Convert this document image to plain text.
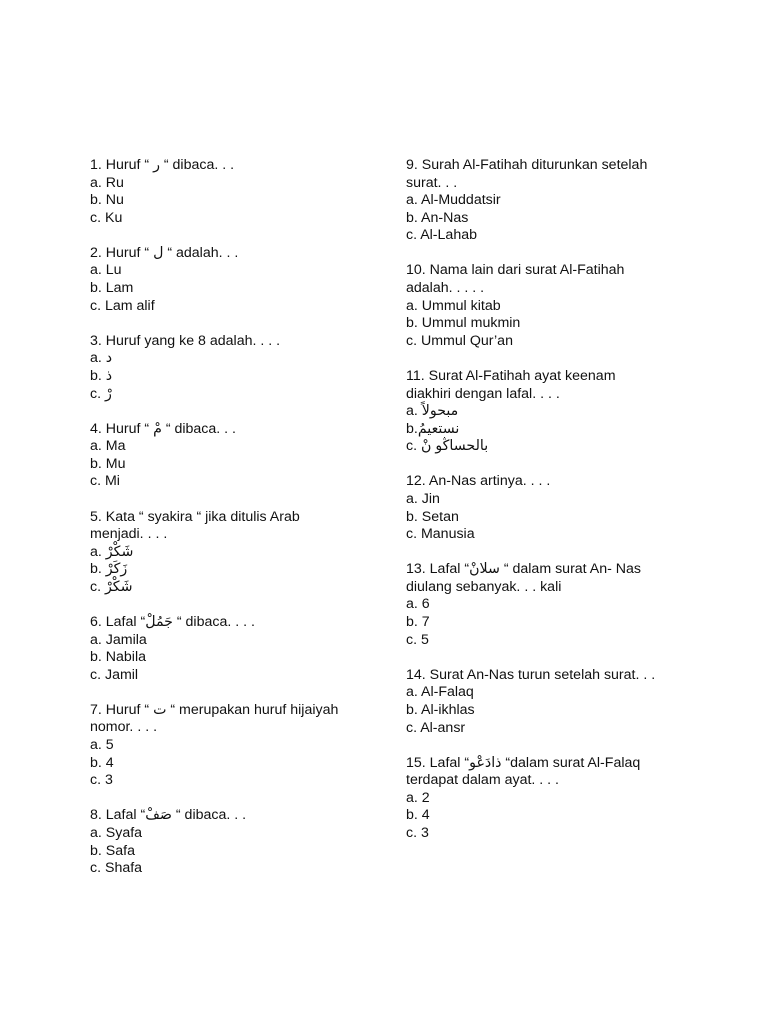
1. Huruf “ ر “ dibaca. . .
a. Ru
b. Nu
c. Ku
2. Huruf “ ل “ adalah. . .
a. Lu
b. Lam
c. Lam alif
3. Huruf yang ke 8 adalah. . . .
a. د
b. ذ
c. رْ
4. Huruf “ مْ “ dibaca. . .
a. Ma
b. Mu
c. Mi
5. Kata “ syakira “ jika ditulis Arab
menjadi. . . .
a. شَكْرْ
b. زَكَرْ
c. شَكْرْ
6. Lafal “جَمُلْ “ dibaca. . . .
a. Jamila
b. Nabila
c. Jamil
7. Huruf “ ت “ merupakan huruf hijaiyah
nomor. . . .
a. 5
b. 4
c. 3
8. Lafal “صَفْ “ dibaca. . .
a. Syafa
b. Safa
c. Shafa
9. Surah Al-Fatihah diturunkan setelah
surat. . .
a. Al-Muddatsir
b. An-Nas
c. Al-Lahab
10. Nama lain dari surat Al-Fatihah
adalah. . . . .
a. Ummul kitab
b. Ummul mukmin
c. Ummul Qur’an
11. Surat Al-Fatihah ayat keenam
diakhiri dengan lafal. . . .
a. مبحولاً
b.نستعيمُ
c. بالحساڭو نْ
12. An-Nas artinya. . . .
a. Jin
b. Setan
c. Manusia
13. Lafal “سلانْ “ dalam surat An- Nas
diulang sebanyak. . . kali
a. 6
b. 7
c. 5
14. Surat An-Nas turun setelah surat. . .
a. Al-Falaq
b. Al-ikhlas
c. Al-ansr
15. Lafal “ذادَعْو “dalam surat Al-Falaq
terdapat dalam ayat. . . .
a. 2
b. 4
c. 3
